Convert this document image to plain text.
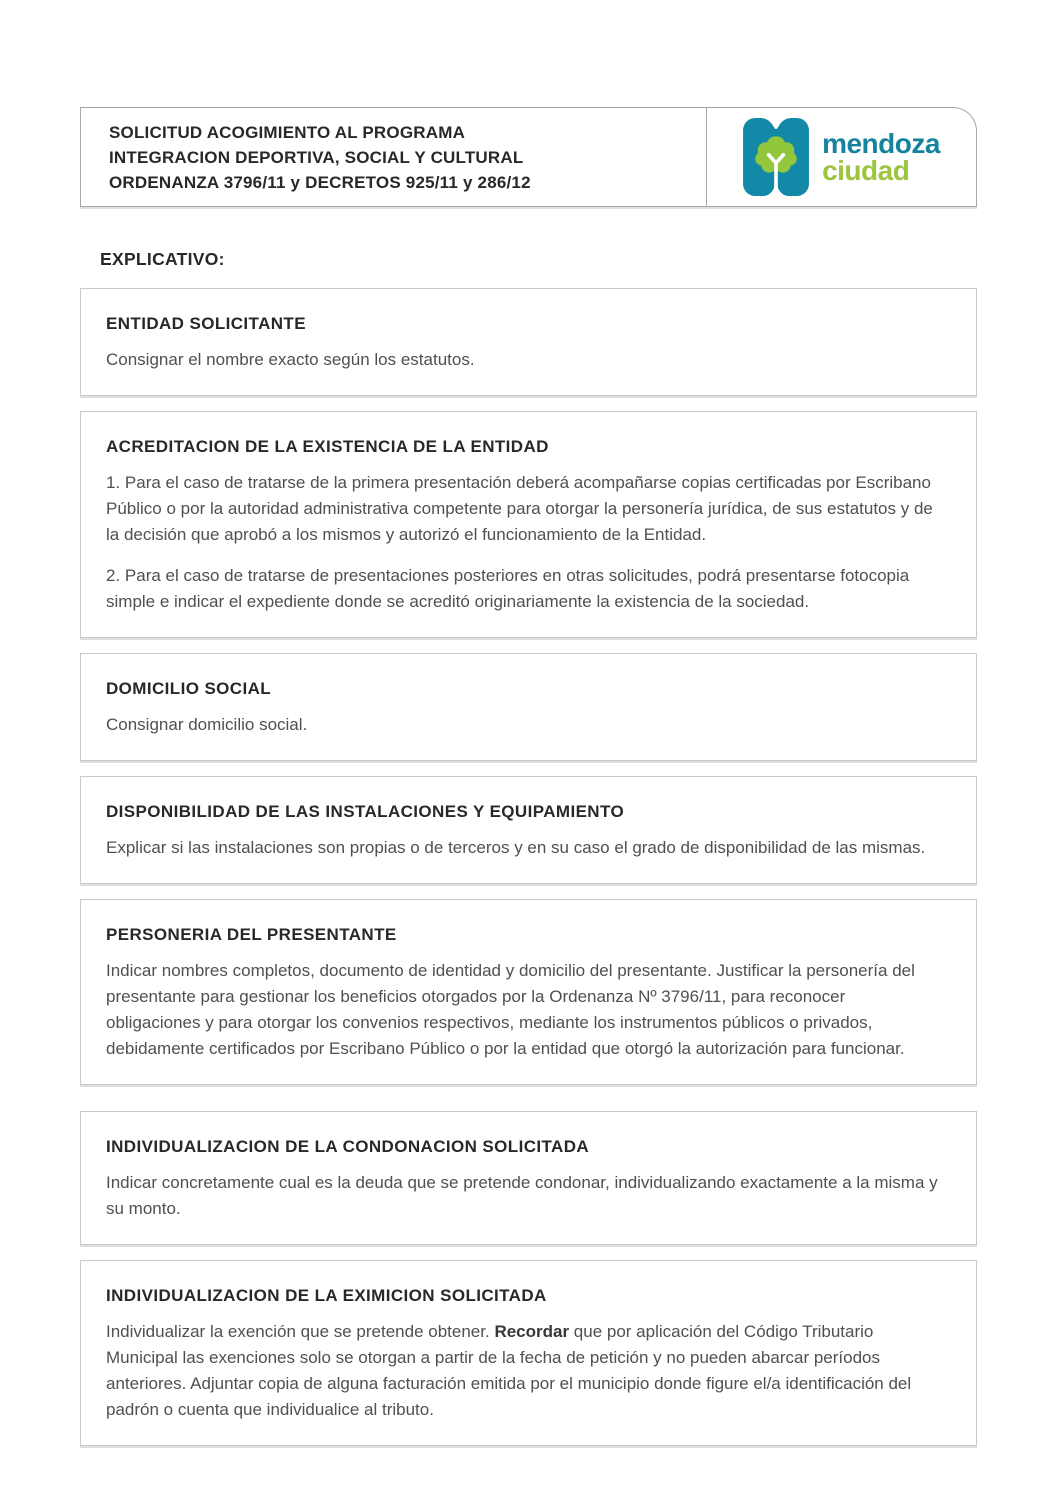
SOLICITUD ACOGIMIENTO AL PROGRAMA
INTEGRACION DEPORTIVA, SOCIAL Y CULTURAL
ORDENANZA 3796/11 y DECRETOS 925/11 y 286/12
mendoza
ciudad
EXPLICATIVO:
ENTIDAD SOLICITANTE

Consignar el nombre exacto según los estatutos.

ACREDITACION DE LA EXISTENCIA DE LA ENTIDAD

1. Para el caso de tratarse de la primera presentación deberá acompañarse copias certificadas por Escribano Público o por la autoridad administrativa competente para otorgar la personería jurídica, de sus estatutos y de la decisión que aprobó a los mismos y autorizó el funcionamiento de la Entidad.

2. Para el caso de tratarse de presentaciones posteriores en otras solicitudes, podrá presentarse fotocopia simple e indicar el expediente donde se acreditó originariamente la existencia de la sociedad.

DOMICILIO SOCIAL

Consignar domicilio social.

DISPONIBILIDAD DE LAS INSTALACIONES Y EQUIPAMIENTO

Explicar si las instalaciones son propias o de terceros y en su caso el grado de disponibilidad de las mismas.

PERSONERIA DEL PRESENTANTE

Indicar nombres completos, documento de identidad y domicilio del presentante. Justificar la personería del presentante para gestionar los beneficios otorgados por la Ordenanza Nº 3796/11, para reconocer obligaciones y para otorgar los convenios respectivos, mediante los instrumentos públicos o privados, debidamente certificados por Escribano Público o por la entidad que otorgó la autorización para funcionar.

INDIVIDUALIZACION DE LA CONDONACION SOLICITADA

Indicar concretamente cual es la deuda que se pretende condonar, individualizando exactamente a la misma y su monto.

INDIVIDUALIZACION DE LA EXIMICION SOLICITADA

Individualizar la exención que se pretende obtener. Recordar que por aplicación del Código Tributario Municipal las exenciones solo se otorgan a partir de la fecha de petición y no pueden abarcar períodos anteriores. Adjuntar copia de alguna facturación emitida por el municipio donde figure el/a identificación del padrón o cuenta que individualice al tributo.
